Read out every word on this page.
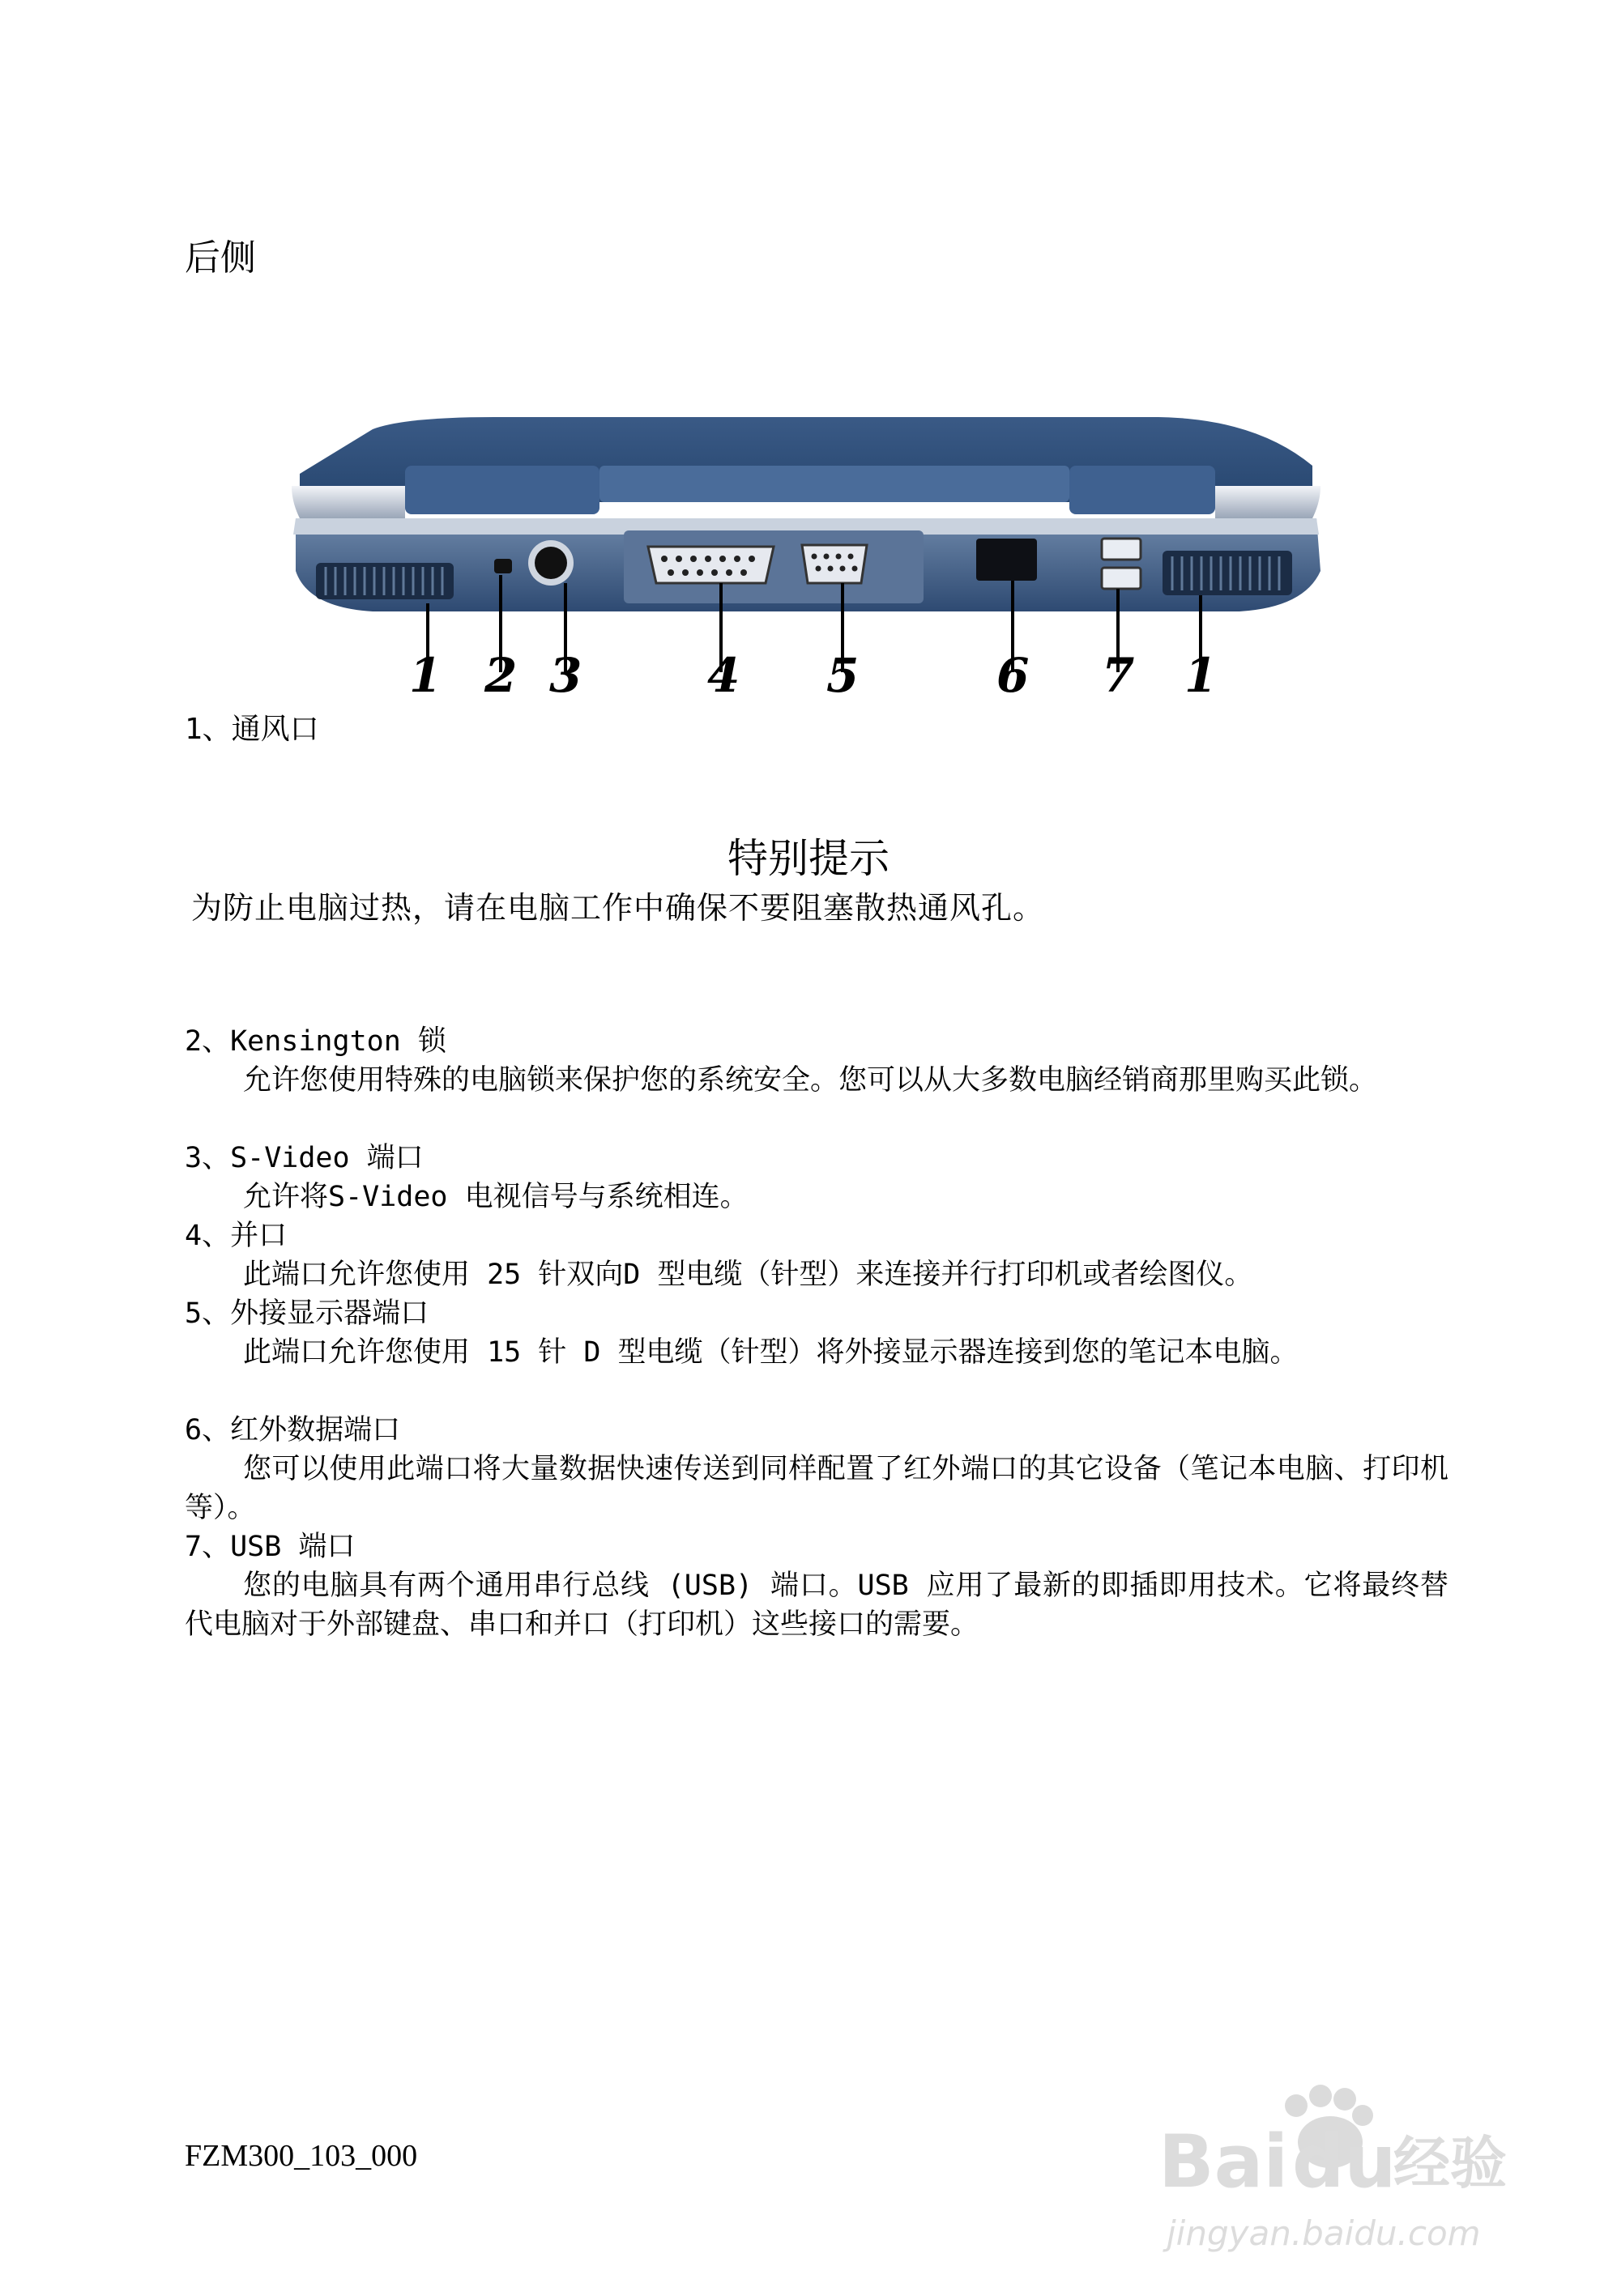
后侧
1 2 3	4 5	6 7 1
1、通风口
特别提示
为防止电脑过热，请在电脑工作中确保不要阻塞散热通风孔。
2、Kensington 锁
允许您使用特殊的电脑锁来保护您的系统安全。您可以从大多数电脑经销商那里购买此锁。
3、S-Video 端口
允许将S-Video 电视信号与系统相连。
4、并口
此端口允许您使用 25 针双向D 型电缆（针型）来连接并行打印机或者绘图仪。
5、外接显示器端口
此端口允许您使用 15 针 D 型电缆（针型）将外接显示器连接到您的笔记本电脑。
6、红外数据端口
您可以使用此端口将大量数据快速传送到同样配置了红外端口的其它设备（笔记本电脑、打印机等）。
7、USB 端口
您的电脑具有两个通用串行总线 (USB) 端口。USB 应用了最新的即插即用技术。它将最终替代电脑对于外部键盘、串口和并口（打印机）这些接口的需要。
FZM300_103_000	Bai du
经验
jingyan.baidu.com
